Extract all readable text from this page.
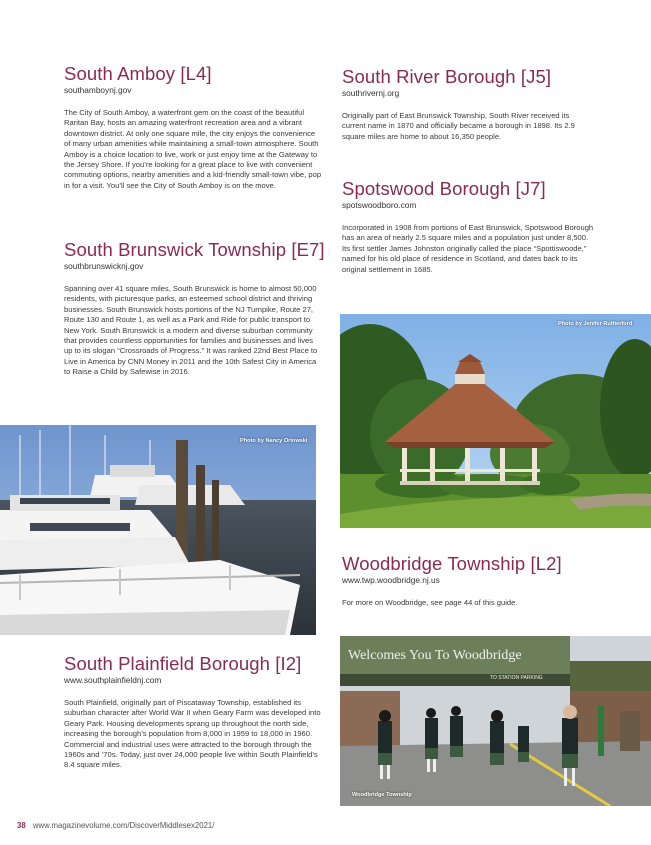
South Amboy [L4]
southamboynj.gov
The City of South Amboy, a waterfront gem on the coast of the beautiful Raritan Bay, hosts an amazing waterfront recreation area and a vibrant downtown district. At only one square mile, the city enjoys the convenience of many urban amenities while maintaining a small-town atmosphere. South Amboy is a choice location to live, work or just enjoy time at the Gateway to the Jersey Shore. If you’re looking for a great place to live with convenient commuting options, nearby amenities and a kid-friendly small-town vibe, pop in for a visit. You’ll see the City of South Amboy is on the move.
South Brunswick Township [E7]
southbrunswicknj.gov
Spanning over 41 square miles, South Brunswick is home to almost 50,000 residents, with picturesque parks, an esteemed school district and thriving businesses. South Brunswick hosts portions of the NJ Turnpike, Route 27, Route 130 and Route 1, as well as a Park and Ride for public transport to New York. South Brunswick is a modern and diverse suburban community that provides countless opportunities for families and businesses and lives up to its slogan “Crossroads of Progress.” It was ranked 22nd Best Place to Live in America by CNN Money in 2011 and the 10th Safest City in America to Raise a Child by Safewise in 2016.
Photo by Nancy Orlowski
South Plainfield Borough [I2]
www.southplainfieldnj.com
South Plainfield, originally part of Piscataway Township, established its suburban character after World War II when Geary Farm was developed into Geary Park. Housing developments sprang up throughout the north side, increasing the borough’s population from 8,000 in 1959 to 18,000 in 1960. Commercial and industrial uses were attracted to the borough through the 1960s and ’70s. Today, just over 24,000 people live within South Plainfield’s 8.4 square miles.
South River Borough [J5]
southrivernj.org
Originally part of East Brunswick Township, South River received its current name in 1870 and officially became a borough in 1898. Its 2.9 square miles are home to about 16,350 people.
Spotswood Borough [J7]
spotswoodboro.com
Incorporated in 1908 from portions of East Brunswick, Spotswood Borough has an area of nearly 2.5 square miles and a population just under 8,500. Its first settler James Johnston originally called the place “Spottiswoode,” named for his old place of residence in Scotland, and dates back to its original settlement in 1685.
Photo by Jenifer Rutherford
Woodbridge Township [L2]
www.twp.woodbridge.nj.us
For more on Woodbridge, see page 44 of this guide.
Welcomes You To Woodbridge
TO STATION PARKING
Woodbridge Township
38 www.magazinevolume.com/DiscoverMiddlesex2021/
